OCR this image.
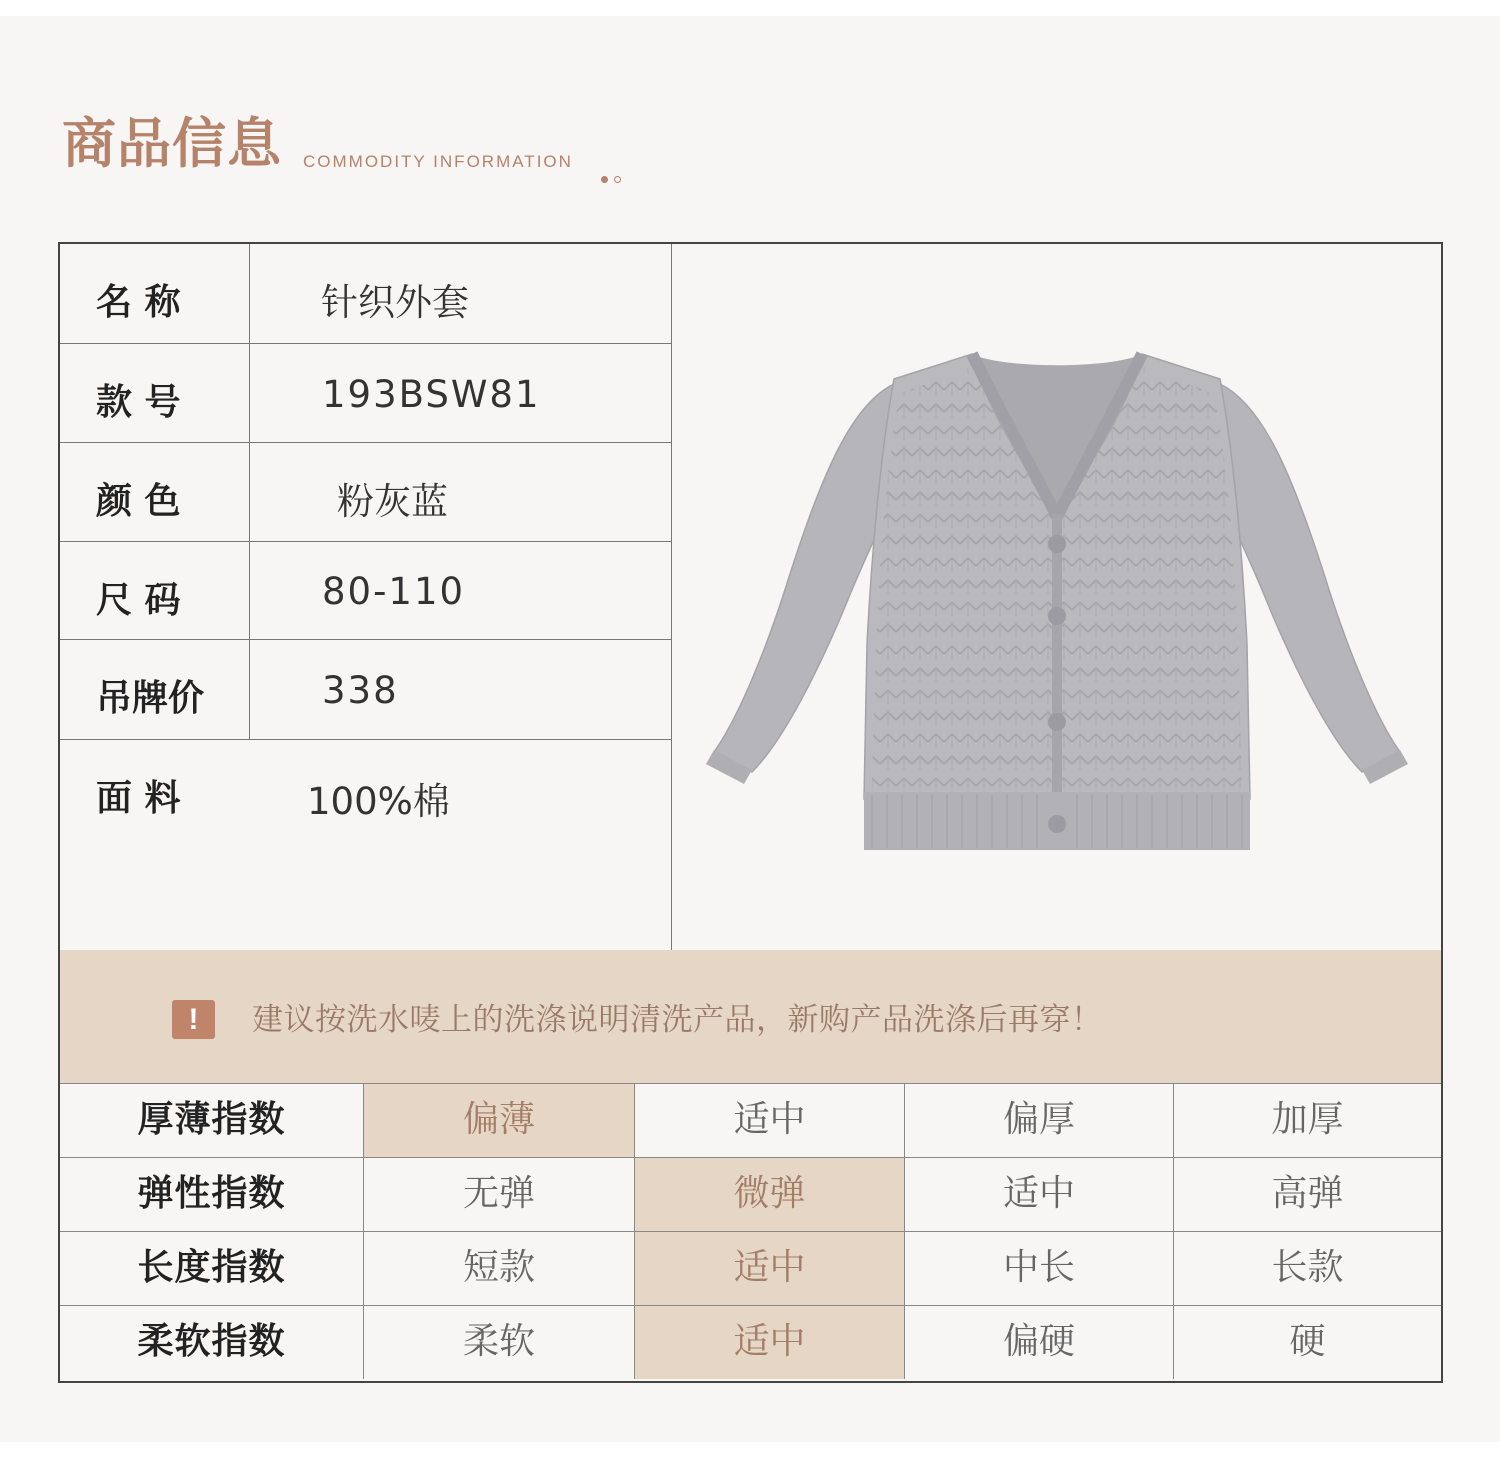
商品信息 COMMODITY INFORMATION
名 称	针织外套
款 号	193BSW81
颜 色	粉灰蓝
尺 码	80-110
吊牌价	338
面 料	100%棉
!	建议按洗水唛上的洗涤说明清洗产品，新购产品洗涤后再穿！
厚薄指数	偏薄	适中	偏厚	加厚
弹性指数	无弹	微弹	适中	高弹
长度指数	短款	适中	中长	长款
柔软指数	柔软	适中	偏硬	硬
